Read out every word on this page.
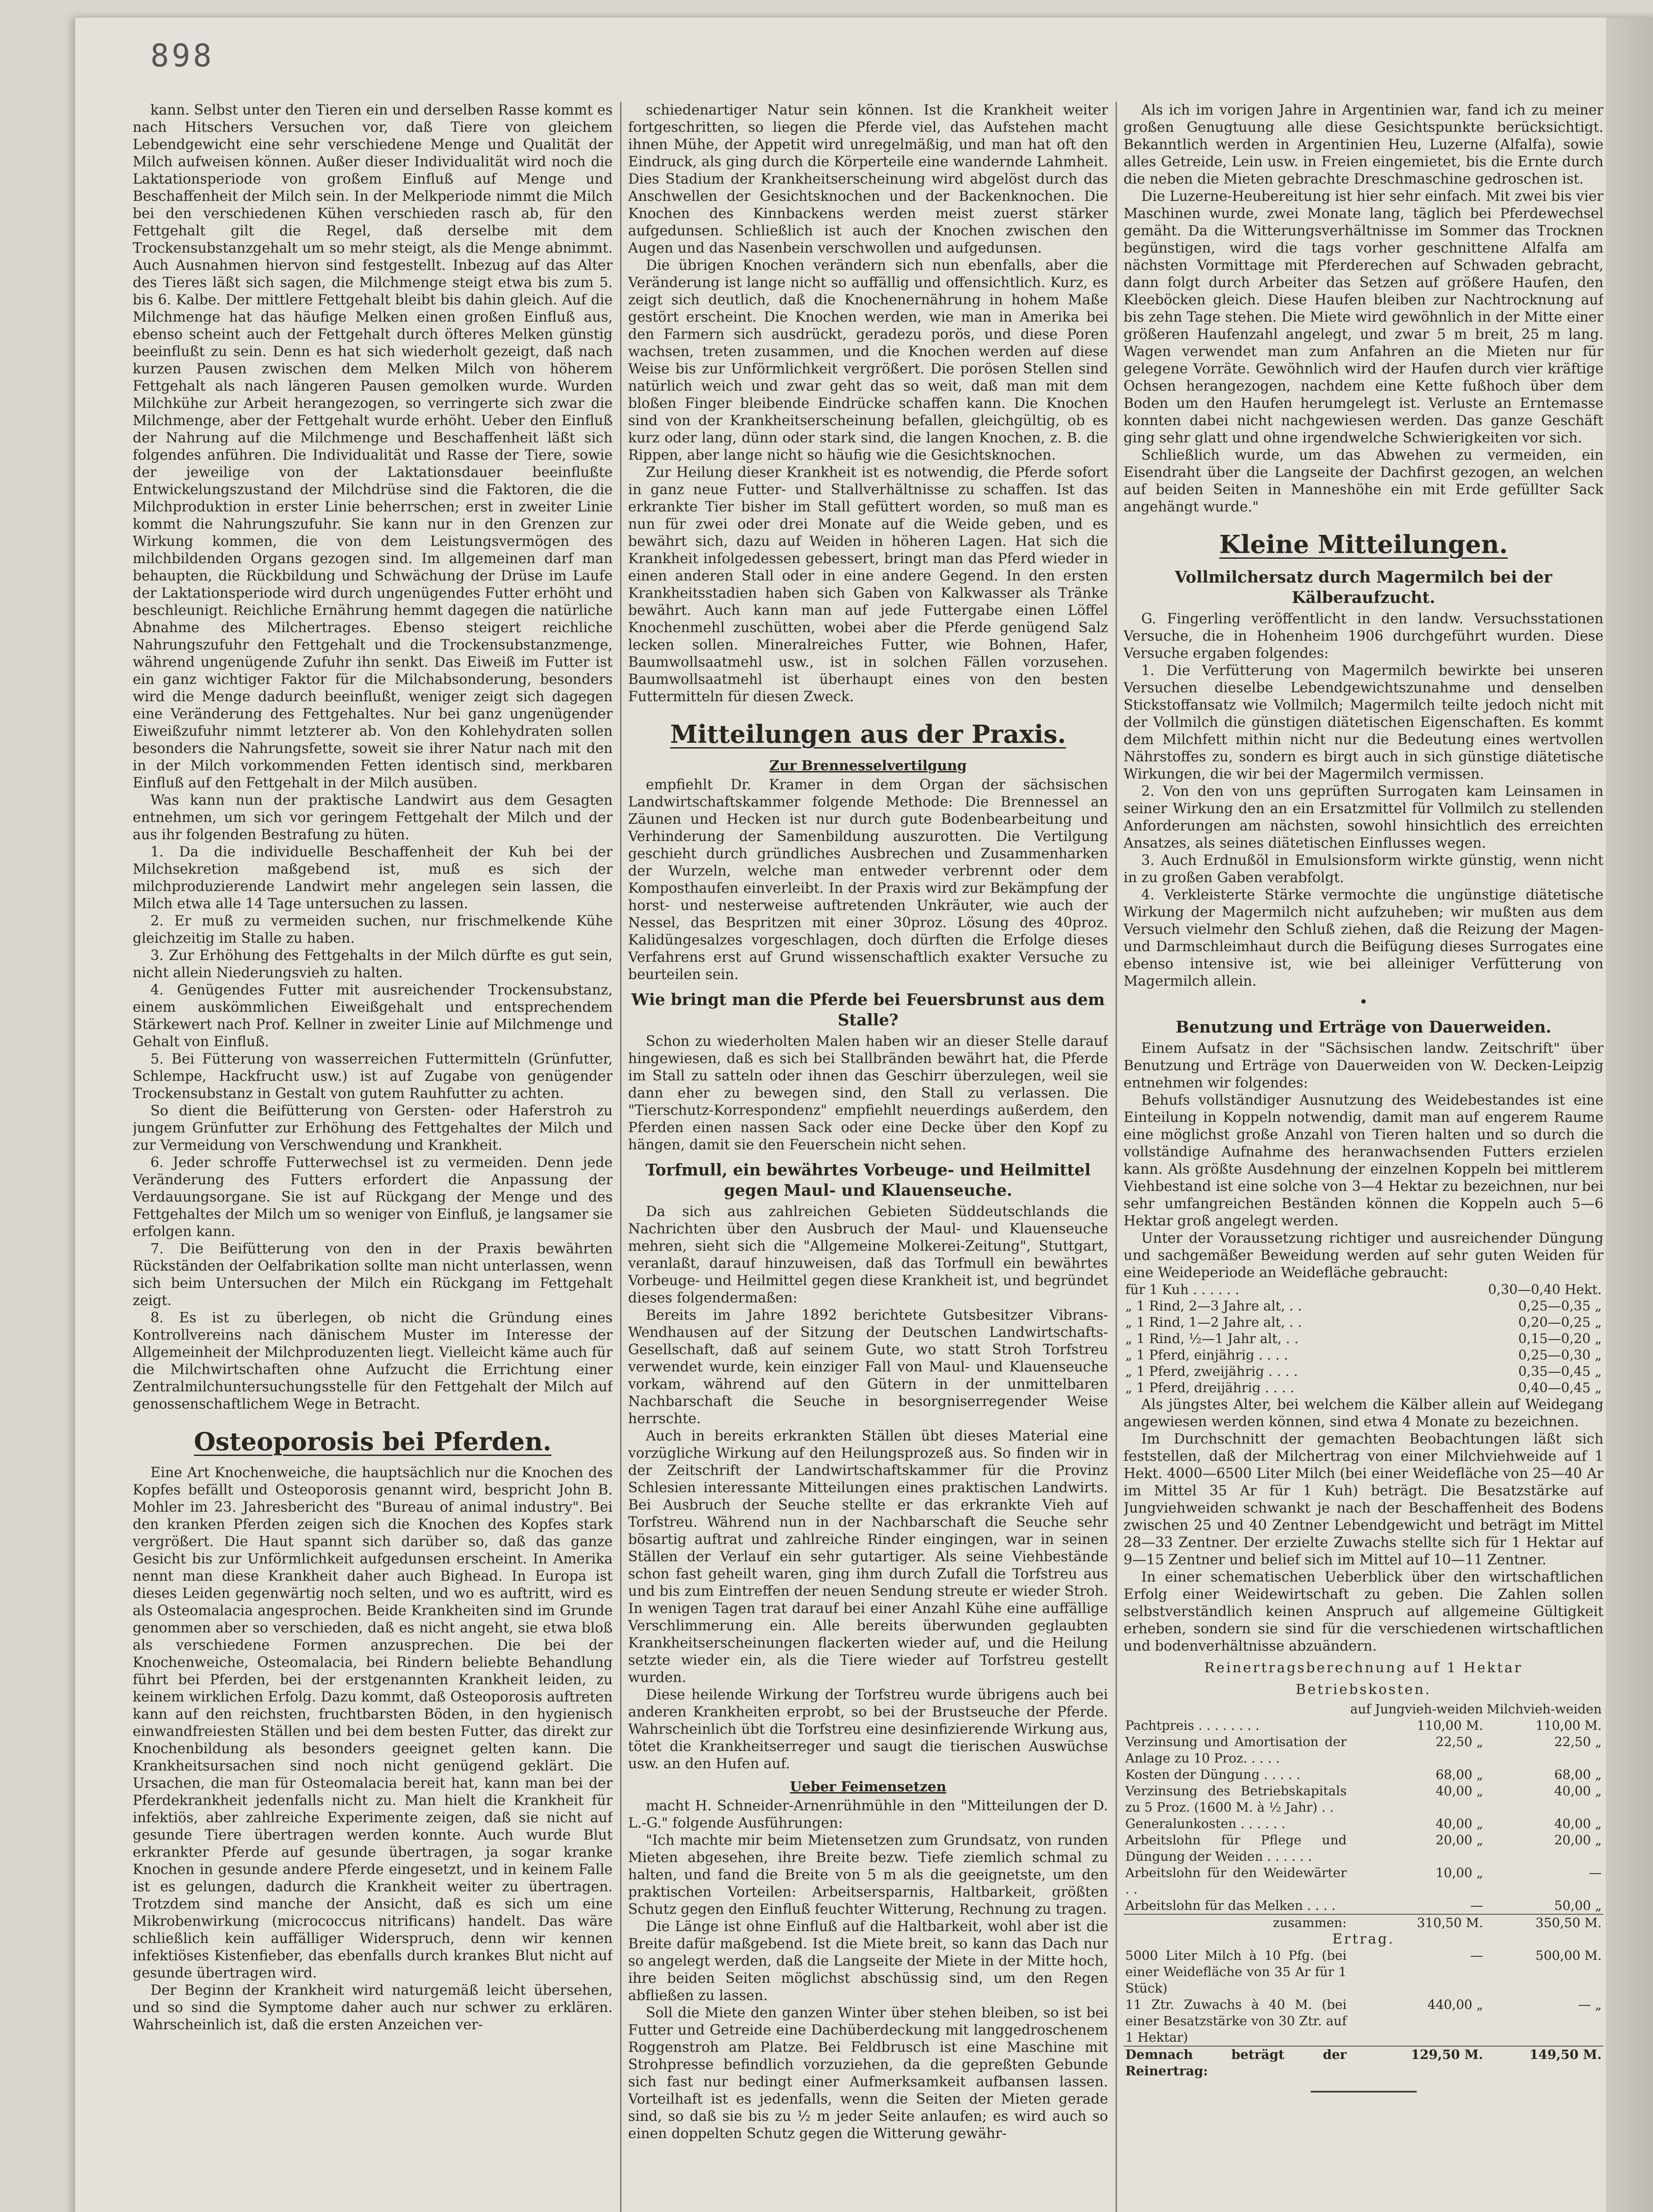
898

kann. Selbst unter den Tieren ein und derselben Rasse kommt es nach Hitschers Versuchen vor, daß Tiere von gleichem Lebendgewicht eine sehr verschiedene Menge und Qualität der Milch aufweisen können. Außer dieser Individualität wird noch die Laktationsperiode von großem Einfluß auf Menge und Beschaffenheit der Milch sein. In der Melkperiode nimmt die Milch bei den verschiedenen Kühen verschieden rasch ab, für den Fettgehalt gilt die Regel, daß derselbe mit dem Trockensubstanzgehalt um so mehr steigt, als die Menge abnimmt. Auch Ausnahmen hiervon sind festgestellt. Inbezug auf das Alter des Tieres läßt sich sagen, die Milchmenge steigt etwa bis zum 5. bis 6. Kalbe. Der mittlere Fettgehalt bleibt bis dahin gleich. Auf die Milchmenge hat das häufige Melken einen großen Einfluß aus, ebenso scheint auch der Fettgehalt durch öfteres Melken günstig beeinflußt zu sein. Denn es hat sich wiederholt gezeigt, daß nach kurzen Pausen zwischen dem Melken Milch von höherem Fettgehalt als nach längeren Pausen gemolken wurde. Wurden Milchkühe zur Arbeit herangezogen, so verringerte sich zwar die Milchmenge, aber der Fettgehalt wurde erhöht. Ueber den Einfluß der Nahrung auf die Milchmenge und Beschaffenheit läßt sich folgendes anführen. Die Individualität und Rasse der Tiere, sowie der jeweilige von der Laktationsdauer beeinflußte Entwickelungszustand der Milchdrüse sind die Faktoren, die die Milchproduktion in erster Linie beherrschen; erst in zweiter Linie kommt die Nahrungszufuhr. Sie kann nur in den Grenzen zur Wirkung kommen, die von dem Leistungsvermögen des milchbildenden Organs gezogen sind. Im allgemeinen darf man behaupten, die Rückbildung und Schwächung der Drüse im Laufe der Laktationsperiode wird durch ungenügendes Futter erhöht und beschleunigt. Reichliche Ernährung hemmt dagegen die natürliche Abnahme des Milchertrages. Ebenso steigert reichliche Nahrungszufuhr den Fettgehalt und die Trockensubstanzmenge, während ungenügende Zufuhr ihn senkt. Das Eiweiß im Futter ist ein ganz wichtiger Faktor für die Milchabsonderung, besonders wird die Menge dadurch beeinflußt, weniger zeigt sich dagegen eine Veränderung des Fettgehaltes. Nur bei ganz ungenügender Eiweißzufuhr nimmt letzterer ab. Von den Kohlehydraten sollen besonders die Nahrungsfette, soweit sie ihrer Natur nach mit den in der Milch vorkommenden Fetten identisch sind, merkbaren Einfluß auf den Fettgehalt in der Milch ausüben.

Was kann nun der praktische Landwirt aus dem Gesagten entnehmen, um sich vor geringem Fettgehalt der Milch und der aus ihr folgenden Bestrafung zu hüten.

1. Da die individuelle Beschaffenheit der Kuh bei der Milchsekretion maßgebend ist, muß es sich der milchproduzierende Landwirt mehr angelegen sein lassen, die Milch etwa alle 14 Tage untersuchen zu lassen.

2. Er muß zu vermeiden suchen, nur frischmelkende Kühe gleichzeitig im Stalle zu haben.

3. Zur Erhöhung des Fettgehalts in der Milch dürfte es gut sein, nicht allein Niederungsvieh zu halten.

4. Genügendes Futter mit ausreichender Trockensubstanz, einem auskömmlichen Eiweißgehalt und entsprechendem Stärkewert nach Prof. Kellner in zweiter Linie auf Milchmenge und Gehalt von Einfluß.

5. Bei Fütterung von wasserreichen Futtermitteln (Grünfutter, Schlempe, Hackfrucht usw.) ist auf Zugabe von genügender Trockensubstanz in Gestalt von gutem Rauhfutter zu achten.

So dient die Beifütterung von Gersten- oder Haferstroh zu jungem Grünfutter zur Erhöhung des Fettgehaltes der Milch und zur Vermeidung von Verschwendung und Krankheit.

6. Jeder schroffe Futterwechsel ist zu vermeiden. Denn jede Veränderung des Futters erfordert die Anpassung der Verdauungsorgane. Sie ist auf Rückgang der Menge und des Fettgehaltes der Milch um so weniger von Einfluß, je langsamer sie erfolgen kann.

7. Die Beifütterung von den in der Praxis bewährten Rückständen der Oelfabrikation sollte man nicht unterlassen, wenn sich beim Untersuchen der Milch ein Rückgang im Fettgehalt zeigt.

8. Es ist zu überlegen, ob nicht die Gründung eines Kontrollvereins nach dänischem Muster im Interesse der Allgemeinheit der Milchproduzenten liegt. Vielleicht käme auch für die Milchwirtschaften ohne Aufzucht die Errichtung einer Zentralmilchuntersuchungsstelle für den Fettgehalt der Milch auf genossenschaftlichem Wege in Betracht.

Osteoporosis bei Pferden.

Eine Art Knochenweiche, die hauptsächlich nur die Knochen des Kopfes befällt und Osteoporosis genannt wird, bespricht John B. Mohler im 23. Jahresbericht des "Bureau of animal industry". Bei den kranken Pferden zeigen sich die Knochen des Kopfes stark vergrößert. Die Haut spannt sich darüber so, daß das ganze Gesicht bis zur Unförmlichkeit aufgedunsen erscheint. In Amerika nennt man diese Krankheit daher auch Bighead. In Europa ist dieses Leiden gegenwärtig noch selten, und wo es auftritt, wird es als Osteomalacia angesprochen. Beide Krankheiten sind im Grunde genommen aber so verschieden, daß es nicht angeht, sie etwa bloß als verschiedene Formen anzusprechen. Die bei der Knochenweiche, Osteomalacia, bei Rindern beliebte Behandlung führt bei Pferden, bei der erstgenannten Krankheit leiden, zu keinem wirklichen Erfolg. Dazu kommt, daß Osteoporosis auftreten kann auf den reichsten, fruchtbarsten Böden, in den hygienisch einwandfreiesten Ställen und bei dem besten Futter, das direkt zur Knochenbildung als besonders geeignet gelten kann. Die Krankheitsursachen sind noch nicht genügend geklärt. Die Ursachen, die man für Osteomalacia bereit hat, kann man bei der Pferdekrankheit jedenfalls nicht zu. Man hielt die Krankheit für infektiös, aber zahlreiche Experimente zeigen, daß sie nicht auf gesunde Tiere übertragen werden konnte. Auch wurde Blut erkrankter Pferde auf gesunde übertragen, ja sogar kranke Knochen in gesunde andere Pferde eingesetzt, und in keinem Falle ist es gelungen, dadurch die Krankheit weiter zu übertragen. Trotzdem sind manche der Ansicht, daß es sich um eine Mikrobenwirkung (micrococcus nitrificans) handelt. Das wäre schließlich kein auffälliger Widerspruch, denn wir kennen infektiöses Kistenfieber, das ebenfalls durch krankes Blut nicht auf gesunde übertragen wird.

Der Beginn der Krankheit wird naturgemäß leicht übersehen, und so sind die Symptome daher auch nur schwer zu erklären. Wahrscheinlich ist, daß die ersten Anzeichen ver-

schiedenartiger Natur sein können. Ist die Krankheit weiter fortgeschritten, so liegen die Pferde viel, das Aufstehen macht ihnen Mühe, der Appetit wird unregelmäßig, und man hat oft den Eindruck, als ging durch die Körperteile eine wandernde Lahmheit. Dies Stadium der Krankheitserscheinung wird abgelöst durch das Anschwellen der Gesichtsknochen und der Backenknochen. Die Knochen des Kinnbackens werden meist zuerst stärker aufgedunsen. Schließlich ist auch der Knochen zwischen den Augen und das Nasenbein verschwollen und aufgedunsen.

Die übrigen Knochen verändern sich nun ebenfalls, aber die Veränderung ist lange nicht so auffällig und offensichtlich. Kurz, es zeigt sich deutlich, daß die Knochenernährung in hohem Maße gestört erscheint. Die Knochen werden, wie man in Amerika bei den Farmern sich ausdrückt, geradezu porös, und diese Poren wachsen, treten zusammen, und die Knochen werden auf diese Weise bis zur Unförmlichkeit vergrößert. Die porösen Stellen sind natürlich weich und zwar geht das so weit, daß man mit dem bloßen Finger bleibende Eindrücke schaffen kann. Die Knochen sind von der Krankheitserscheinung befallen, gleichgültig, ob es kurz oder lang, dünn oder stark sind, die langen Knochen, z. B. die Rippen, aber lange nicht so häufig wie die Gesichtsknochen.

Zur Heilung dieser Krankheit ist es notwendig, die Pferde sofort in ganz neue Futter- und Stallverhältnisse zu schaffen. Ist das erkrankte Tier bisher im Stall gefüttert worden, so muß man es nun für zwei oder drei Monate auf die Weide geben, und es bewährt sich, dazu auf Weiden in höheren Lagen. Hat sich die Krankheit infolgedessen gebessert, bringt man das Pferd wieder in einen anderen Stall oder in eine andere Gegend. In den ersten Krankheitsstadien haben sich Gaben von Kalkwasser als Tränke bewährt. Auch kann man auf jede Futtergabe einen Löffel Knochenmehl zuschütten, wobei aber die Pferde genügend Salz lecken sollen. Mineralreiches Futter, wie Bohnen, Hafer, Baumwollsaatmehl usw., ist in solchen Fällen vorzusehen. Baumwollsaatmehl ist überhaupt eines von den besten Futtermitteln für diesen Zweck.

Mitteilungen aus der Praxis.
Zur Brennesselvertilgung

empfiehlt Dr. Kramer in dem Organ der sächsischen Landwirtschaftskammer folgende Methode: Die Brennessel an Zäunen und Hecken ist nur durch gute Bodenbearbeitung und Verhinderung der Samenbildung auszurotten. Die Vertilgung geschieht durch gründliches Ausbrechen und Zusammenharken der Wurzeln, welche man entweder verbrennt oder dem Komposthaufen einverleibt. In der Praxis wird zur Bekämpfung der horst- und nesterweise auftretenden Unkräuter, wie auch der Nessel, das Bespritzen mit einer 30proz. Lösung des 40proz. Kalidüngesalzes vorgeschlagen, doch dürften die Erfolge dieses Verfahrens erst auf Grund wissenschaftlich exakter Versuche zu beurteilen sein.

Wie bringt man die Pferde bei Feuersbrunst aus dem Stalle?

Schon zu wiederholten Malen haben wir an dieser Stelle darauf hingewiesen, daß es sich bei Stallbränden bewährt hat, die Pferde im Stall zu satteln oder ihnen das Geschirr überzulegen, weil sie dann eher zu bewegen sind, den Stall zu verlassen. Die "Tierschutz-Korrespondenz" empfiehlt neuerdings außerdem, den Pferden einen nassen Sack oder eine Decke über den Kopf zu hängen, damit sie den Feuerschein nicht sehen.

Torfmull, ein bewährtes Vorbeuge- und Heilmittel gegen Maul- und Klauenseuche.

Da sich aus zahlreichen Gebieten Süddeutschlands die Nachrichten über den Ausbruch der Maul- und Klauenseuche mehren, sieht sich die "Allgemeine Molkerei-Zeitung", Stuttgart, veranlaßt, darauf hinzuweisen, daß das Torfmull ein bewährtes Vorbeuge- und Heilmittel gegen diese Krankheit ist, und begründet dieses folgendermaßen:

Bereits im Jahre 1892 berichtete Gutsbesitzer Vibrans-Wendhausen auf der Sitzung der Deutschen Landwirtschafts-Gesellschaft, daß auf seinem Gute, wo statt Stroh Torfstreu verwendet wurde, kein einziger Fall von Maul- und Klauenseuche vorkam, während auf den Gütern in der unmittelbaren Nachbarschaft die Seuche in besorgniserregender Weise herrschte.

Auch in bereits erkrankten Ställen übt dieses Material eine vorzügliche Wirkung auf den Heilungsprozeß aus. So finden wir in der Zeitschrift der Landwirtschaftskammer für die Provinz Schlesien interessante Mitteilungen eines praktischen Landwirts. Bei Ausbruch der Seuche stellte er das erkrankte Vieh auf Torfstreu. Während nun in der Nachbarschaft die Seuche sehr bösartig auftrat und zahlreiche Rinder eingingen, war in seinen Ställen der Verlauf ein sehr gutartiger. Als seine Viehbestände schon fast geheilt waren, ging ihm durch Zufall die Torfstreu aus und bis zum Eintreffen der neuen Sendung streute er wieder Stroh. In wenigen Tagen trat darauf bei einer Anzahl Kühe eine auffällige Verschlimmerung ein. Alle bereits überwunden geglaubten Krankheitserscheinungen flackerten wieder auf, und die Heilung setzte wieder ein, als die Tiere wieder auf Torfstreu gestellt wurden.

Diese heilende Wirkung der Torfstreu wurde übrigens auch bei anderen Krankheiten erprobt, so bei der Brustseuche der Pferde. Wahrscheinlich übt die Torfstreu eine desinfizierende Wirkung aus, tötet die Krankheitserreger und saugt die tierischen Auswüchse usw. an den Hufen auf.

Ueber Feimensetzen

macht H. Schneider-Arnenrühmühle in den "Mitteilungen der D. L.-G." folgende Ausführungen:

"Ich machte mir beim Mietensetzen zum Grundsatz, von runden Mieten abgesehen, ihre Breite bezw. Tiefe ziemlich schmal zu halten, und fand die Breite von 5 m als die geeignetste, um den praktischen Vorteilen: Arbeitsersparnis, Haltbarkeit, größten Schutz gegen den Einfluß feuchter Witterung, Rechnung zu tragen.

Die Länge ist ohne Einfluß auf die Haltbarkeit, wohl aber ist die Breite dafür maßgebend. Ist die Miete breit, so kann das Dach nur so angelegt werden, daß die Langseite der Miete in der Mitte hoch, ihre beiden Seiten möglichst abschüssig sind, um den Regen abfließen zu lassen.

Soll die Miete den ganzen Winter über stehen bleiben, so ist bei Futter und Getreide eine Dachüberdeckung mit langgedroschenem Roggenstroh am Platze. Bei Feldbrusch ist eine Maschine mit Strohpresse befindlich vorzuziehen, da die gepreßten Gebunde sich fast nur bedingt einer Aufmerksamkeit aufbansen lassen. Vorteilhaft ist es jedenfalls, wenn die Seiten der Mieten gerade sind, so daß sie bis zu ½ m jeder Seite anlaufen; es wird auch so einen doppelten Schutz gegen die Witterung gewähr-

Als ich im vorigen Jahre in Argentinien war, fand ich zu meiner großen Genugtuung alle diese Gesichtspunkte berücksichtigt. Bekanntlich werden in Argentinien Heu, Luzerne (Alfalfa), sowie alles Getreide, Lein usw. in Freien eingemietet, bis die Ernte durch die neben die Mieten gebrachte Dreschmaschine gedroschen ist.

Die Luzerne-Heubereitung ist hier sehr einfach. Mit zwei bis vier Maschinen wurde, zwei Monate lang, täglich bei Pferdewechsel gemäht. Da die Witterungsverhältnisse im Sommer das Trocknen begünstigen, wird die tags vorher geschnittene Alfalfa am nächsten Vormittage mit Pferderechen auf Schwaden gebracht, dann folgt durch Arbeiter das Setzen auf größere Haufen, den Kleeböcken gleich. Diese Haufen bleiben zur Nachtrocknung auf bis zehn Tage stehen. Die Miete wird gewöhnlich in der Mitte einer größeren Haufenzahl angelegt, und zwar 5 m breit, 25 m lang. Wagen verwendet man zum Anfahren an die Mieten nur für gelegene Vorräte. Gewöhnlich wird der Haufen durch vier kräftige Ochsen herangezogen, nachdem eine Kette fußhoch über dem Boden um den Haufen herumgelegt ist. Verluste an Erntemasse konnten dabei nicht nachgewiesen werden. Das ganze Geschäft ging sehr glatt und ohne irgendwelche Schwierigkeiten vor sich.

Schließlich wurde, um das Abwehen zu vermeiden, ein Eisendraht über die Langseite der Dachfirst gezogen, an welchen auf beiden Seiten in Manneshöhe ein mit Erde gefüllter Sack angehängt wurde."

Kleine Mitteilungen.
Vollmilchersatz durch Magermilch bei der Kälberaufzucht.

G. Fingerling veröffentlicht in den landw. Versuchsstationen Versuche, die in Hohenheim 1906 durchgeführt wurden. Diese Versuche ergaben folgendes:

1. Die Verfütterung von Magermilch bewirkte bei unseren Versuchen dieselbe Lebendgewichtszunahme und denselben Stickstoffansatz wie Vollmilch; Magermilch teilte jedoch nicht mit der Vollmilch die günstigen diätetischen Eigenschaften. Es kommt dem Milchfett mithin nicht nur die Bedeutung eines wertvollen Nährstoffes zu, sondern es birgt auch in sich günstige diätetische Wirkungen, die wir bei der Magermilch vermissen.

2. Von den von uns geprüften Surrogaten kam Leinsamen in seiner Wirkung den an ein Ersatzmittel für Vollmilch zu stellenden Anforderungen am nächsten, sowohl hinsichtlich des erreichten Ansatzes, als seines diätetischen Einflusses wegen.

3. Auch Erdnußöl in Emulsionsform wirkte günstig, wenn nicht in zu großen Gaben verabfolgt.

4. Verkleisterte Stärke vermochte die ungünstige diätetische Wirkung der Magermilch nicht aufzuheben; wir mußten aus dem Versuch vielmehr den Schluß ziehen, daß die Reizung der Magen- und Darmschleimhaut durch die Beifügung dieses Surrogates eine ebenso intensive ist, wie bei alleiniger Verfütterung von Magermilch allein.

•
Benutzung und Erträge von Dauerweiden.

Einem Aufsatz in der "Sächsischen landw. Zeitschrift" über Benutzung und Erträge von Dauerweiden von W. Decken-Leipzig entnehmen wir folgendes:

Behufs vollständiger Ausnutzung des Weidebestandes ist eine Einteilung in Koppeln notwendig, damit man auf engerem Raume eine möglichst große Anzahl von Tieren halten und so durch die vollständige Aufnahme des heranwachsenden Futters erzielen kann. Als größte Ausdehnung der einzelnen Koppeln bei mittlerem Viehbestand ist eine solche von 3—4 Hektar zu bezeichnen, nur bei sehr umfangreichen Beständen können die Koppeln auch 5—6 Hektar groß angelegt werden.

Unter der Voraussetzung richtiger und ausreichender Düngung und sachgemäßer Beweidung werden auf sehr guten Weiden für eine Weideperiode an Weidefläche gebraucht:

für 1 Kuh . . . . . .	0,30—0,40 Hekt.
„ 1 Rind, 2—3 Jahre alt, . .	0,25—0,35 „
„ 1 Rind, 1—2 Jahre alt, . .	0,20—0,25 „
„ 1 Rind, ½—1 Jahr alt, . .	0,15—0,20 „
„ 1 Pferd, einjährig . . . .	0,25—0,30 „
„ 1 Pferd, zweijährig . . . .	0,35—0,45 „
„ 1 Pferd, dreijährig . . . .	0,40—0,45 „

Als jüngstes Alter, bei welchem die Kälber allein auf Weidegang angewiesen werden können, sind etwa 4 Monate zu bezeichnen.

Im Durchschnitt der gemachten Beobachtungen läßt sich feststellen, daß der Milchertrag von einer Milchviehweide auf 1 Hekt. 4000—6500 Liter Milch (bei einer Weidefläche von 25—40 Ar im Mittel 35 Ar für 1 Kuh) beträgt. Die Besatzstärke auf Jungviehweiden schwankt je nach der Beschaffenheit des Bodens zwischen 25 und 40 Zentner Lebendgewicht und beträgt im Mittel 28—33 Zentner. Der erzielte Zuwachs stellte sich für 1 Hektar auf 9—15 Zentner und belief sich im Mittel auf 10—11 Zentner.

In einer schematischen Ueberblick über den wirtschaftlichen Erfolg einer Weidewirtschaft zu geben. Die Zahlen sollen selbstverständlich keinen Anspruch auf allgemeine Gültigkeit erheben, sondern sie sind für die verschiedenen wirtschaftlichen und bodenverhältnisse abzuändern.

Reinertragsberechnung auf 1 Hektar
Betriebskosten.
	auf Jungvieh-weiden	Milchvieh-weiden
Pachtpreis . . . . . . . .	110,00 M.	110,00 M.
Verzinsung und Amortisation der Anlage zu 10 Proz. . . . .	22,50 „	22,50 „
Kosten der Düngung . . . . .	68,00 „	68,00 „
Verzinsung des Betriebskapitals zu 5 Proz. (1600 M. à ½ Jahr) . .	40,00 „	40,00 „
Generalunkosten . . . . . .	40,00 „	40,00 „
Arbeitslohn für Pflege und Düngung der Weiden . . . . . .	20,00 „	20,00 „
Arbeitslohn für den Weidewärter . .	10,00 „	—
Arbeitslohn für das Melken . . . .	—	50,00 „
zusammen:	310,50 M.	350,50 M.
Ertrag.		
5000 Liter Milch à 10 Pfg. (bei einer Weidefläche von 35 Ar für 1 Stück)	—	500,00 M.
11 Ztr. Zuwachs à 40 M. (bei einer Besatzstärke von 30 Ztr. auf 1 Hektar)	440,00 „	— „
Demnach beträgt der Reinertrag:	129,50 M.	149,50 M.
